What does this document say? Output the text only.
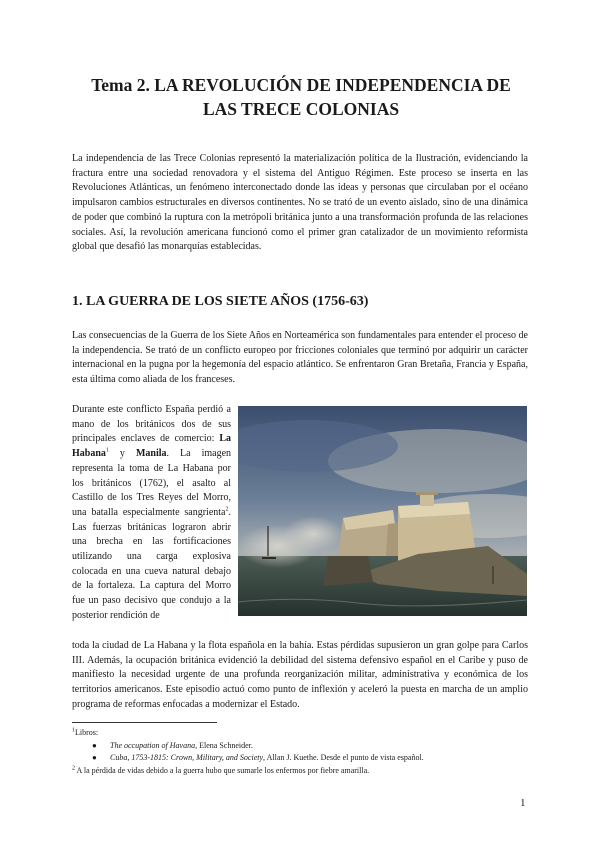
Tema 2. LA REVOLUCIÓN DE INDEPENDENCIA DE
LAS TRECE COLONIAS
La independencia de las Trece Colonias representó la materialización política de la Ilustración, evidenciando la fractura entre una sociedad renovadora y el sistema del Antiguo Régimen. Este proceso se inserta en las Revoluciones Atlánticas, un fenómeno interconectado donde las ideas y personas que circulaban por el océano impulsaron cambios estructurales en diversos continentes. No se trató de un evento aislado, sino de una dinámica de poder que combinó la ruptura con la metrópoli británica junto a una transformación profunda de las relaciones sociales. Así, la revolución americana funcionó como el primer gran catalizador de un movimiento reformista global que desafió las monarquías establecidas.
1. LA GUERRA DE LOS SIETE AÑOS (1756-63)
Las consecuencias de la Guerra de los Siete Años en Norteamérica son fundamentales para entender el proceso de la independencia. Se trató de un conflicto europeo por fricciones coloniales que terminó por adquirir un carácter internacional en la pugna por la hegemonía del espacio atlántico. Se enfrentaron Gran Bretaña, Francia y España, esta última como aliada de los franceses.
Durante este conflicto España perdió a mano de los británicos dos de sus principales enclaves de comercio: La Habana$^1$ y Manila. La imagen representa la toma de La Habana por los británicos (1762), el asalto al Castillo de los Tres Reyes del Morro, una batalla especialmente sangrienta$^2$. Las fuerzas británicas lograron abrir una brecha en las fortificaciones utilizando una carga explosiva colocada en una cueva natural debajo de la fortaleza. La captura del Morro fue un paso decisivo que condujo a la posterior rendición de
toda la ciudad de La Habana y la flota española en la bahía. Estas pérdidas supusieron un gran golpe para Carlos III. Además, la ocupación británica evidenció la debilidad del sistema defensivo español en el Caribe y puso de manifiesto la necesidad urgente de una profunda reorganización militar, administrativa y económica de los territorios americanos. Este episodio actuó como punto de inflexión y aceleró la puesta en marcha de un amplio programa de reformas enfocadas a modernizar el Estado.
$^1$Libros:
● The occupation of Havana, Elena Schneider.
● Cuba, 1753-1815: Crown, Military, and Society, Allan J. Kuethe. Desde el punto de vista español.
$^2$ A la pérdida de vidas debido a la guerra hubo que sumarle los enfermos por fiebre amarilla.
1
